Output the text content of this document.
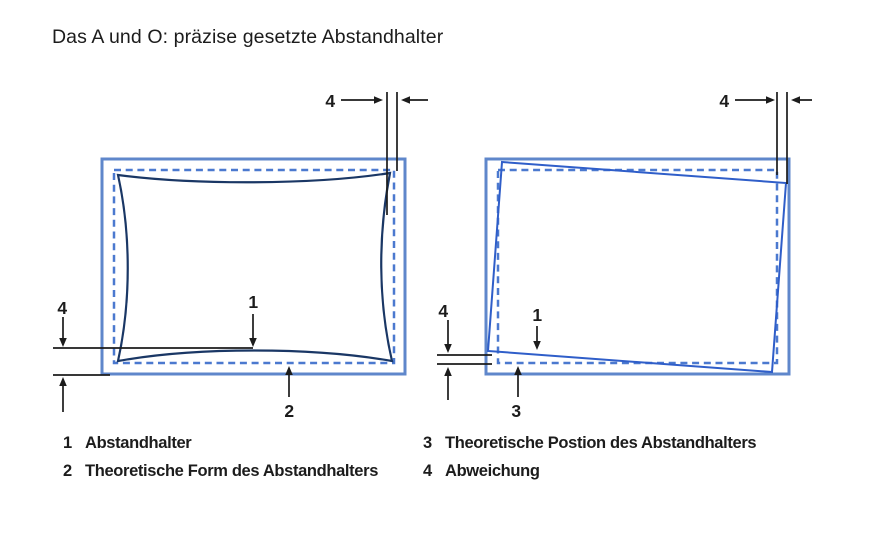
Das A und O: präzise gesetzte Abstandhalter
4
4	1
2
4
4	1
3
1 Abstandhalter
2 Theoretische Form des Abstandhalters
3 Theoretische Postion des Abstandhalters
4 Abweichung
